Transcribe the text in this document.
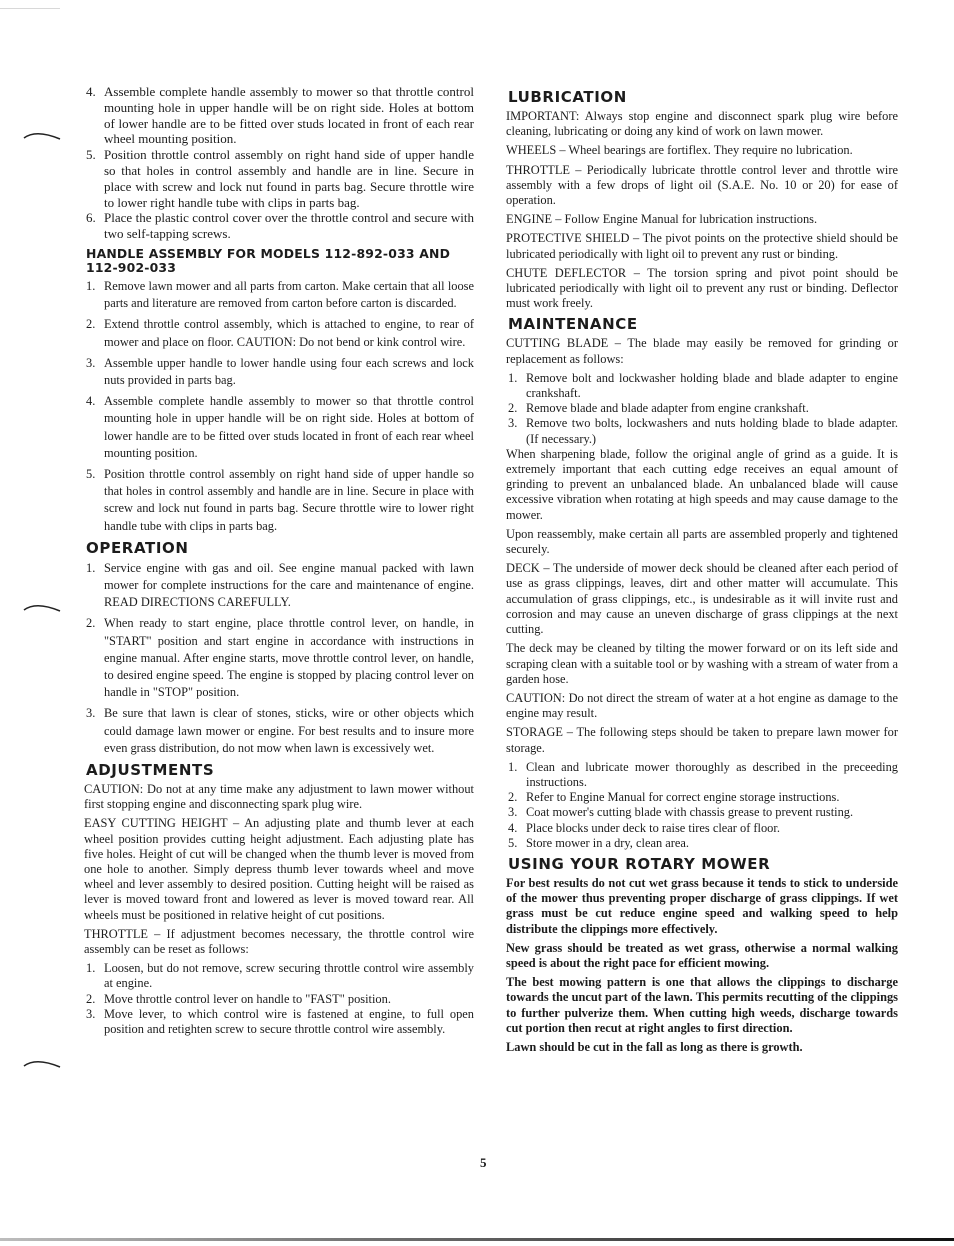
4. Assemble complete handle assembly to mower so that throttle control mounting hole in upper handle will be on right side. Holes at bottom of lower handle are to be fitted over studs located in front of each rear wheel mounting position.
5. Position throttle control assembly on right hand side of upper handle so that holes in control assembly and handle are in line. Secure in place with screw and lock nut found in parts bag. Secure throttle wire to lower right handle tube with clips in parts bag.
6. Place the plastic control cover over the throttle control and secure with two self-tapping screws.
HANDLE ASSEMBLY FOR MODELS 112-892-033 AND 112-902-033
1. Remove lawn mower and all parts from carton. Make certain that all loose parts and literature are removed from carton before carton is discarded.
2. Extend throttle control assembly, which is attached to engine, to rear of mower and place on floor. CAUTION: Do not bend or kink control wire.
3. Assemble upper handle to lower handle using four each screws and lock nuts provided in parts bag.
4. Assemble complete handle assembly to mower so that throttle control mounting hole in upper handle will be on right side. Holes at bottom of lower handle are to be fitted over studs located in front of each rear wheel mounting position.
5. Position throttle control assembly on right hand side of upper handle so that holes in control assembly and handle are in line. Secure in place with screw and lock nut found in parts bag. Secure throttle wire to lower right handle tube with clips in parts bag.
OPERATION
1. Service engine with gas and oil. See engine manual packed with lawn mower for complete instructions for the care and maintenance of engine. READ DIRECTIONS CAREFULLY.
2. When ready to start engine, place throttle control lever, on handle, in "START" position and start engine in accordance with instructions in engine manual. After engine starts, move throttle control lever, on handle, to desired engine speed. The engine is stopped by placing control lever on handle in "STOP" position.
3. Be sure that lawn is clear of stones, sticks, wire or other objects which could damage lawn mower or engine. For best results and to insure more even grass distribution, do not mow when lawn is excessively wet.
ADJUSTMENTS

CAUTION: Do not at any time make any adjustment to lawn mower without first stopping engine and disconnecting spark plug wire.

EASY CUTTING HEIGHT – An adjusting plate and thumb lever at each wheel position provides cutting height adjustment. Each adjusting plate has five holes. Height of cut will be changed when the thumb lever is moved from one hole to another. Simply depress thumb lever towards wheel and move wheel and lever assembly to desired position. Cutting height will be raised as lever is moved toward front and lowered as lever is moved toward rear. All wheels must be positioned in relative height of cut positions.

THROTTLE – If adjustment becomes necessary, the throttle control wire assembly can be reset as follows:

1. Loosen, but do not remove, screw securing throttle control wire assembly at engine.
2. Move throttle control lever on handle to "FAST" position.
3. Move lever, to which control wire is fastened at engine, to full open position and retighten screw to secure throttle control wire assembly.
LUBRICATION

IMPORTANT: Always stop engine and disconnect spark plug wire before cleaning, lubricating or doing any kind of work on lawn mower.

WHEELS – Wheel bearings are fortiflex. They require no lubrication.

THROTTLE – Periodically lubricate throttle control lever and throttle wire assembly with a few drops of light oil (S.A.E. No. 10 or 20) for ease of operation.

ENGINE – Follow Engine Manual for lubrication instructions.

PROTECTIVE SHIELD – The pivot points on the protective shield should be lubricated periodically with light oil to prevent any rust or binding.

CHUTE DEFLECTOR – The torsion spring and pivot point should be lubricated periodically with light oil to prevent any rust or binding. Deflector must work freely.

MAINTENANCE

CUTTING BLADE – The blade may easily be removed for grinding or replacement as follows:

1. Remove bolt and lockwasher holding blade and blade adapter to engine crankshaft.
2. Remove blade and blade adapter from engine crankshaft.
3. Remove two bolts, lockwashers and nuts holding blade to blade adapter. (If necessary.)

When sharpening blade, follow the original angle of grind as a guide. It is extremely important that each cutting edge receives an equal amount of grinding to prevent an unbalanced blade. An unbalanced blade will cause excessive vibration when rotating at high speeds and may cause damage to the mower.

Upon reassembly, make certain all parts are assembled properly and tightened securely.

DECK – The underside of mower deck should be cleaned after each period of use as grass clippings, leaves, dirt and other matter will accumulate. This accumulation of grass clippings, etc., is undesirable as it will invite rust and corrosion and may cause an uneven discharge of grass clippings at the next cutting.

The deck may be cleaned by tilting the mower forward or on its left side and scraping clean with a suitable tool or by washing with a stream of water from a garden hose.

CAUTION: Do not direct the stream of water at a hot engine as damage to the engine may result.

STORAGE – The following steps should be taken to prepare lawn mower for storage.

1. Clean and lubricate mower thoroughly as described in the preceeding instructions.
2. Refer to Engine Manual for correct engine storage instructions.
3. Coat mower's cutting blade with chassis grease to prevent rusting.
4. Place blocks under deck to raise tires clear of floor.
5. Store mower in a dry, clean area.
USING YOUR ROTARY MOWER

For best results do not cut wet grass because it tends to stick to underside of the mower thus preventing proper discharge of grass clippings. If wet grass must be cut reduce engine speed and walking speed to help distribute the clippings more effectively.

New grass should be treated as wet grass, otherwise a normal walking speed is about the right pace for efficient mowing.

The best mowing pattern is one that allows the clippings to discharge towards the uncut part of the lawn. This permits recutting of the clippings to further pulverize them. When cutting high weeds, discharge towards cut portion then recut at right angles to first direction.

Lawn should be cut in the fall as long as there is growth.

5
